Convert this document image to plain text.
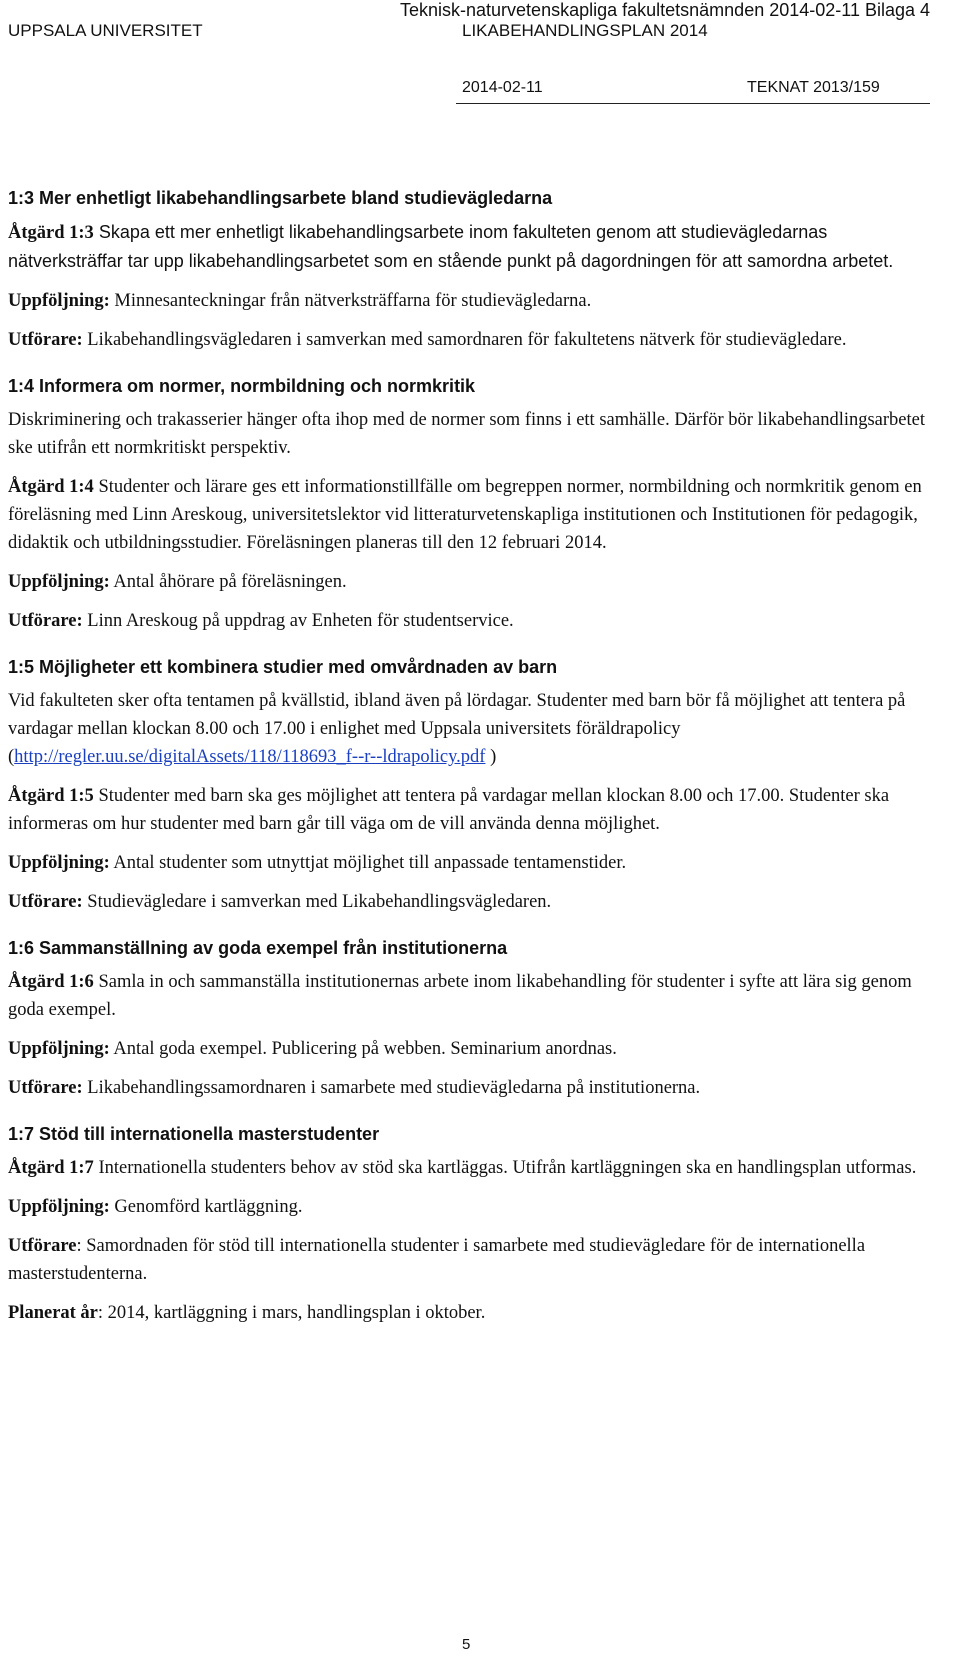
Teknisk-naturvetenskapliga fakultetsnämnden 2014-02-11 Bilaga 4
UPPSALA UNIVERSITET	LIKABEHANDLINGSPLAN 2014
2014-02-11	TEKNAT 2013/159
1:3 Mer enhetligt likabehandlingsarbete bland studievägledarna

Åtgärd 1:3 Skapa ett mer enhetligt likabehandlingsarbete inom fakulteten genom att studievägledarnas nätverksträffar tar upp likabehandlingsarbetet som en stående punkt på dagordningen för att samordna arbetet.

Uppföljning: Minnesanteckningar från nätverksträffarna för studievägledarna.

Utförare: Likabehandlingsvägledaren i samverkan med samordnaren för fakultetens nätverk för studievägledare.

1:4 Informera om normer, normbildning och normkritik

Diskriminering och trakasserier hänger ofta ihop med de normer som finns i ett samhälle. Därför bör likabehandlingsarbetet ske utifrån ett normkritiskt perspektiv.

Åtgärd 1:4 Studenter och lärare ges ett informationstillfälle om begreppen normer, normbildning och normkritik genom en föreläsning med Linn Areskoug, universitetslektor vid litteraturvetenskapliga institutionen och Institutionen för pedagogik, didaktik och utbildningsstudier. Föreläsningen planeras till den 12 februari 2014.

Uppföljning: Antal åhörare på föreläsningen.

Utförare: Linn Areskoug på uppdrag av Enheten för studentservice.

1:5 Möjligheter ett kombinera studier med omvårdnaden av barn

Vid fakulteten sker ofta tentamen på kvällstid, ibland även på lördagar. Studenter med barn bör få möjlighet att tentera på vardagar mellan klockan 8.00 och 17.00 i enlighet med Uppsala universitets föräldrapolicy (http://regler.uu.se/digitalAssets/118/118693_f--r--ldrapolicy.pdf )

Åtgärd 1:5 Studenter med barn ska ges möjlighet att tentera på vardagar mellan klockan 8.00 och 17.00. Studenter ska informeras om hur studenter med barn går till väga om de vill använda denna möjlighet.

Uppföljning: Antal studenter som utnyttjat möjlighet till anpassade tentamenstider.

Utförare: Studievägledare i samverkan med Likabehandlingsvägledaren.

1:6 Sammanställning av goda exempel från institutionerna

Åtgärd 1:6 Samla in och sammanställa institutionernas arbete inom likabehandling för studenter i syfte att lära sig genom goda exempel.

Uppföljning: Antal goda exempel. Publicering på webben. Seminarium anordnas.

Utförare: Likabehandlingssamordnaren i samarbete med studievägledarna på institutionerna.

1:7 Stöd till internationella masterstudenter

Åtgärd 1:7 Internationella studenters behov av stöd ska kartläggas. Utifrån kartläggningen ska en handlingsplan utformas.

Uppföljning: Genomförd kartläggning.

Utförare: Samordnaden för stöd till internationella studenter i samarbete med studievägledare för de internationella masterstudenterna.

Planerat år: 2014, kartläggning i mars, handlingsplan i oktober.

5
